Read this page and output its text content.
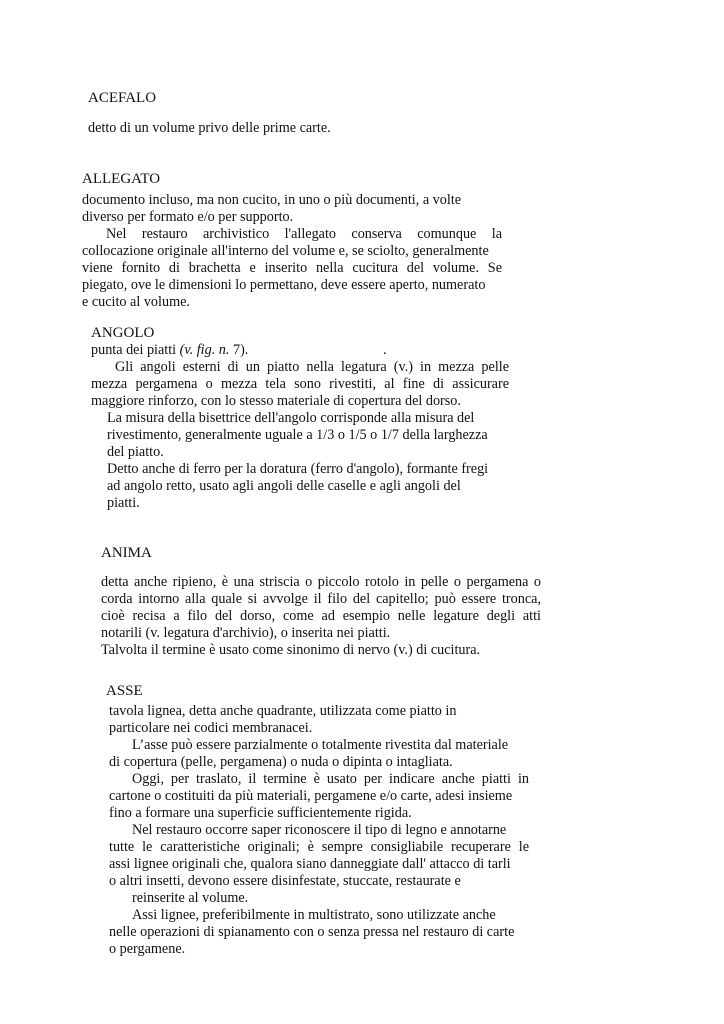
ACEFALO
detto di un volume privo delle prime carte.
ALLEGATO
documento incluso, ma non cucito, in uno o più documenti, a volte
diverso per formato e/o per supporto.
Nel restauro archivistico l'allegato conserva comunque la
collocazione originale all'interno del volume e, se sciolto, generalmente
viene fornito di brachetta e inserito nella cucitura del volume. Se
piegato, ove le dimensioni lo permettano, deve essere aperto, numerato
e cucito al volume.
ANGOLO
punta dei piatti (v. fig. n. 7).	.
Gli angoli esterni di un piatto nella legatura (v.) in mezza pelle
mezza pergamena o mezza tela sono rivestiti, al fine di assicurare
maggiore rinforzo, con lo stesso materiale di copertura del dorso.
La misura della bisettrice dell'angolo corrisponde alla misura del
rivestimento, generalmente uguale a 1/3 o 1/5 o 1/7 della larghezza
del piatto.
Detto anche di ferro per la doratura (ferro d'angolo), formante fregi
ad angolo retto, usato agli angoli delle caselle e agli angoli del
piatti.
ANIMA
detta anche ripieno, è una striscia o piccolo rotolo in pelle o pergamena o
corda intorno alla quale si avvolge il filo del capitello; può essere tronca,
cioè recisa a filo del dorso, come ad esempio nelle legature degli atti
notarili (v. legatura d'archivio), o inserita nei piatti.
Talvolta il termine è usato come sinonimo di nervo (v.) di cucitura.
ASSE
tavola lignea, detta anche quadrante, utilizzata come piatto in
particolare nei codici membranacei.
L’asse può essere parzialmente o totalmente rivestita dal materiale
di copertura (pelle, pergamena) o nuda o dipinta o intagliata.
Oggi, per traslato, il termine è usato per indicare anche piatti in
cartone o costituiti da più materiali, pergamene e/o carte, adesi insieme
fino a formare una superficie sufficientemente rigida.
Nel restauro occorre saper riconoscere il tipo di legno e annotarne
tutte le caratteristiche originali; è sempre consigliabile recuperare le
assi lignee originali che, qualora siano danneggiate dall' attacco di tarli
o altri insetti, devono essere disinfestate, stuccate, restaurate e
reinserite al volume.
Assi lignee, preferibilmente in multistrato, sono utilizzate anche
nelle operazioni di spianamento con o senza pressa nel restauro di carte
o pergamene.
